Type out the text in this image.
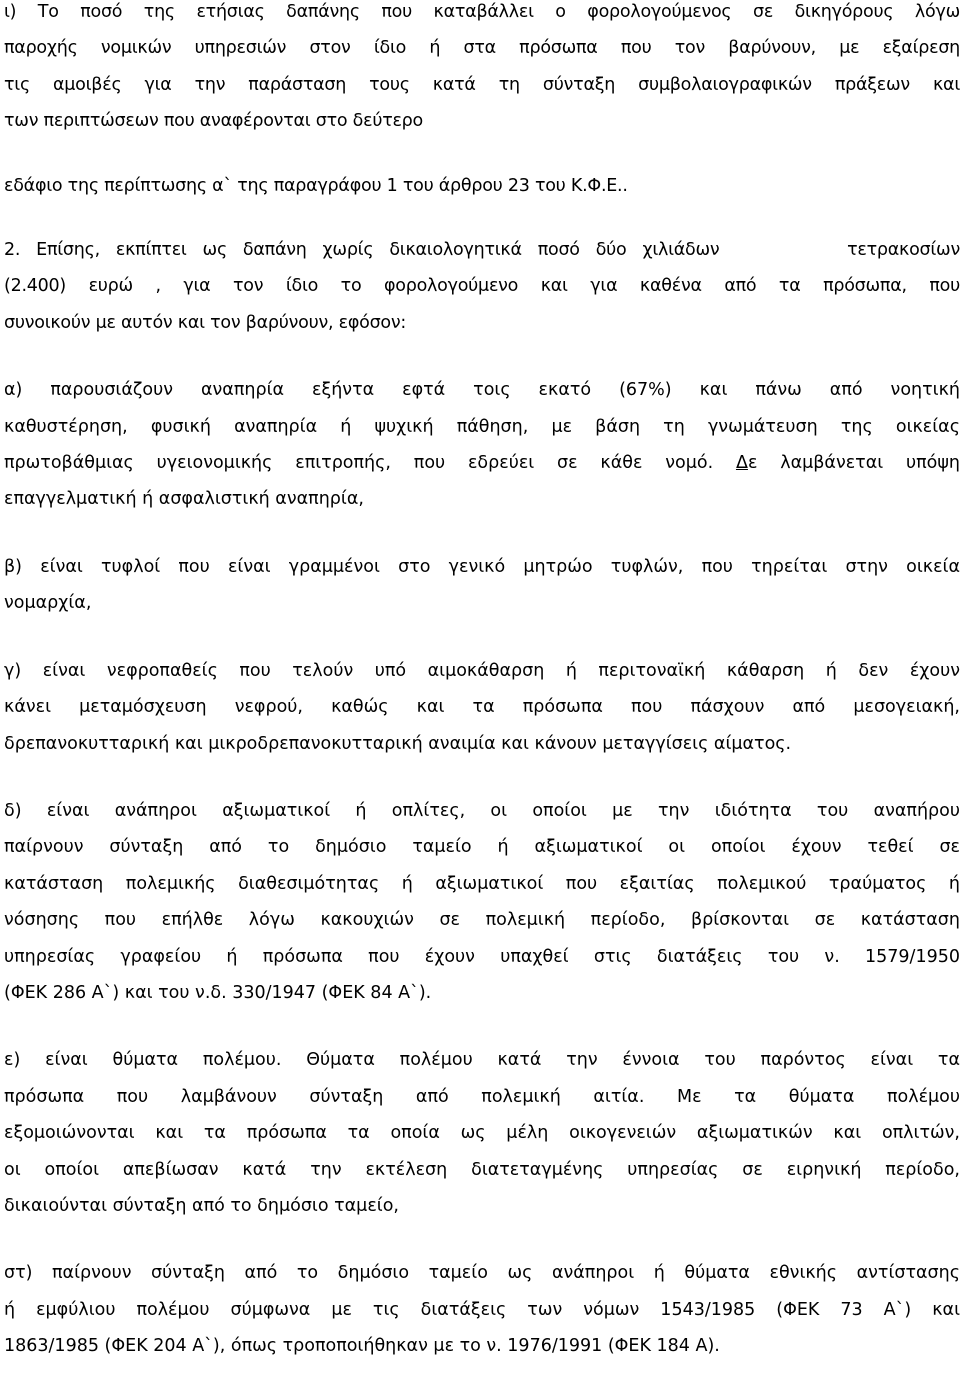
ι) Το ποσό της ετήσιας δαπάνης που καταβάλλει ο φορολογούμενος σε δικηγόρους λόγω
παροχής νομικών υπηρεσιών στον ίδιο ή στα πρόσωπα που τον βαρύνουν, με εξαίρεση
τις αμοιβές για την παράσταση τους κατά τη σύνταξη συμβολαιογραφικών πράξεων και
των περιπτώσεων που αναφέρονται στο δεύτερο

εδάφιο της περίπτωσης α` της παραγράφου 1 του άρθρου 23 του Κ.Φ.Ε..

2. Επίσης, εκπίπτει ως δαπάνη χωρίς δικαιολογητικά ποσό δύο χιλιάδων        τετρακοσίων
(2.400) ευρώ , για τον ίδιο το φορολογούμενο και για καθένα από τα πρόσωπα, που
συνοικούν με αυτόν και τον βαρύνουν, εφόσον:

α) παρουσιάζουν αναπηρία εξήντα εφτά τοις εκατό (67%) και πάνω από νοητική
καθυστέρηση, φυσική αναπηρία ή ψυχική πάθηση, με βάση τη γνωμάτευση της οικείας
πρωτοβάθμιας υγειονομικής επιτροπής, που εδρεύει σε κάθε νομό. Δε λαμβάνεται υπόψη
επαγγελματική ή ασφαλιστική αναπηρία,

β) είναι τυφλοί που είναι γραμμένοι στο γενικό μητρώο τυφλών, που τηρείται στην οικεία
νομαρχία,

γ) είναι νεφροπαθείς που τελούν υπό αιμοκάθαρση ή περιτοναϊκή κάθαρση ή δεν έχουν
κάνει μεταμόσχευση νεφρού, καθώς και τα πρόσωπα που πάσχουν από μεσογειακή,
δρεπανοκυτταρική και μικροδρεπανοκυτταρική αναιμία και κάνουν μεταγγίσεις αίματος.

δ) είναι ανάπηροι αξιωματικοί ή οπλίτες, οι οποίοι με την ιδιότητα του αναπήρου
παίρνουν σύνταξη από το δημόσιο ταμείο ή αξιωματικοί οι οποίοι έχουν τεθεί σε
κατάσταση πολεμικής διαθεσιμότητας ή αξιωματικοί που εξαιτίας πολεμικού τραύματος ή
νόσησης που επήλθε λόγω κακουχιών σε πολεμική περίοδο, βρίσκονται σε κατάσταση
υπηρεσίας γραφείου ή πρόσωπα που έχουν υπαχθεί στις διατάξεις του ν. 1579/1950
(ΦΕΚ 286 Α`) και του ν.δ. 330/1947 (ΦΕΚ 84 Α`).

ε) είναι θύματα πολέμου. Θύματα πολέμου κατά την έννοια του παρόντος είναι τα
πρόσωπα που λαμβάνουν σύνταξη από πολεμική αιτία. Με τα θύματα πολέμου
εξομοιώνονται και τα πρόσωπα τα οποία ως μέλη οικογενειών αξιωματικών και οπλιτών,
οι οποίοι απεβίωσαν κατά την εκτέλεση διατεταγμένης υπηρεσίας σε ειρηνική περίοδο,
δικαιούνται σύνταξη από το δημόσιο ταμείο,

στ) παίρνουν σύνταξη από το δημόσιο ταμείο ως ανάπηροι ή θύματα εθνικής αντίστασης
ή εμφύλιου πολέμου σύμφωνα με τις διατάξεις των νόμων 1543/1985 (ΦΕΚ 73 Α`) και
1863/1985 (ΦΕΚ 204 Α`), όπως τροποποιήθηκαν με το ν. 1976/1991 (ΦΕΚ 184 Α).
